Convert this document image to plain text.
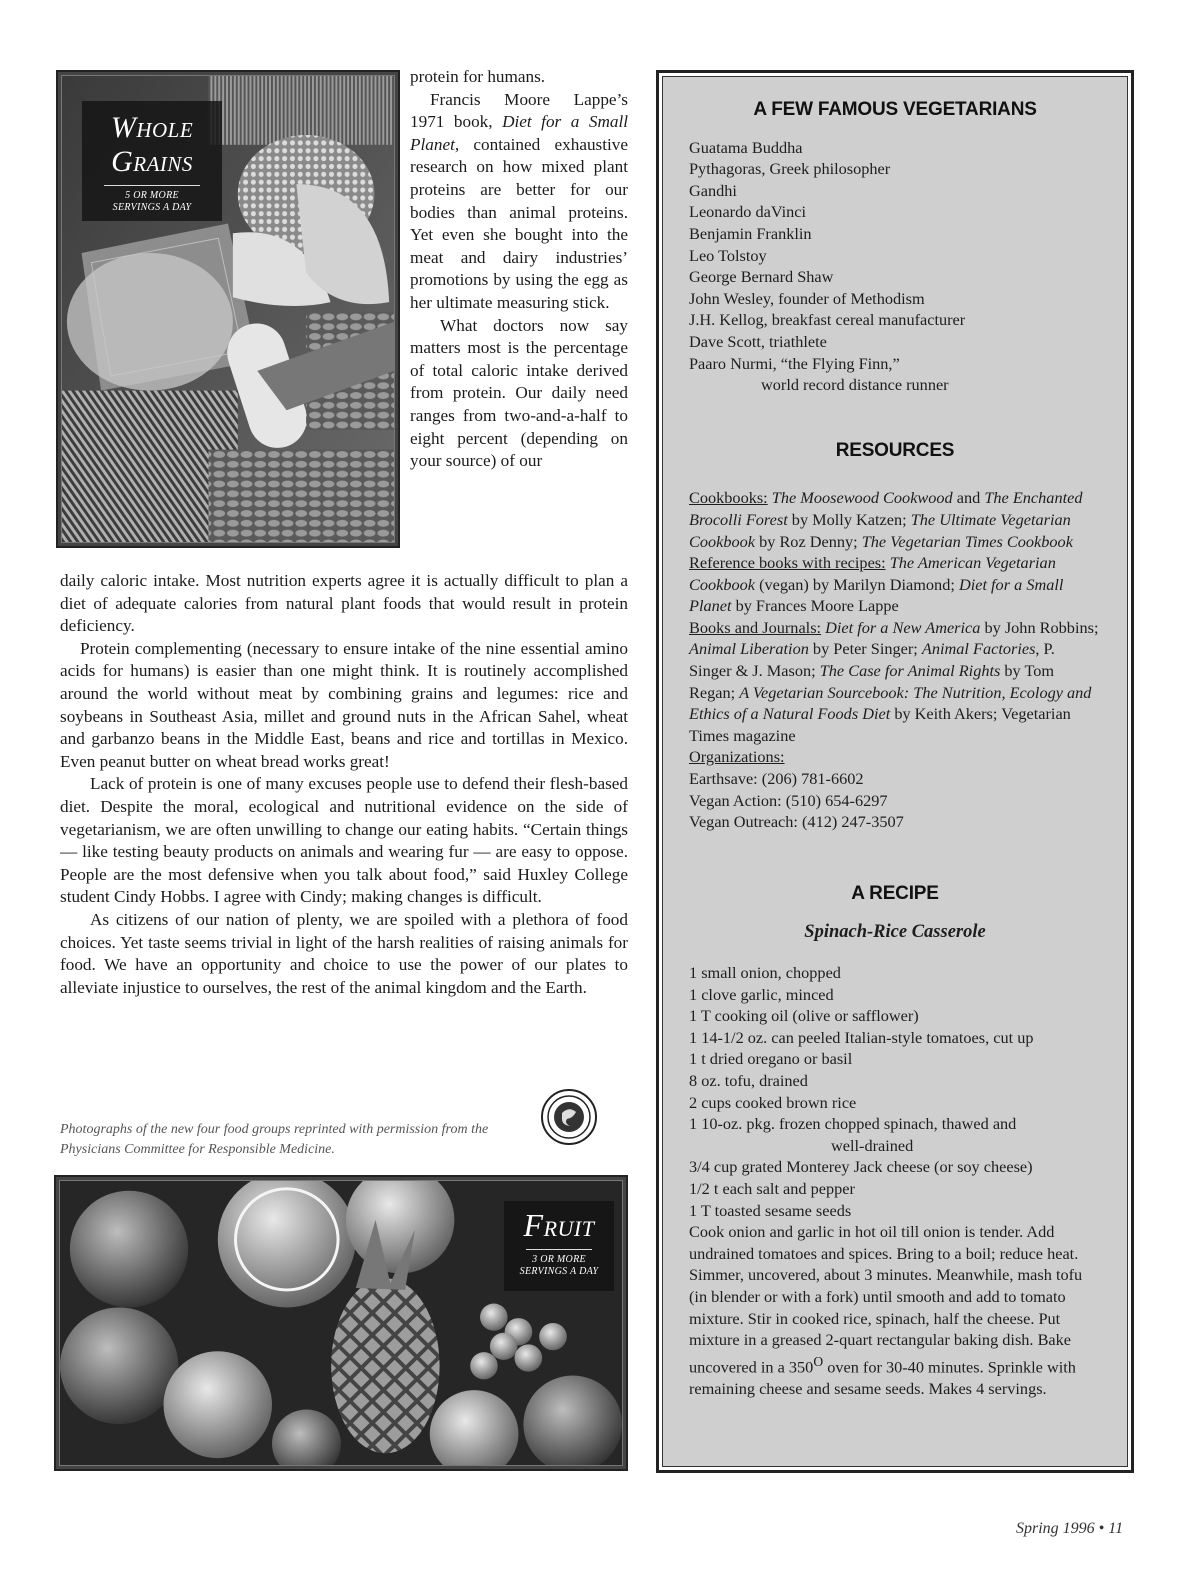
Whole Grains
5 OR MORE SERVINGS A DAY

protein for humans.

Francis Moore Lappe’s 1971 book, Diet for a Small Planet, contained exhaustive research on how mixed plant proteins are better for our bodies than animal proteins. Yet even she bought into the meat and dairy industries’ promotions by using the egg as her ultimate measuring stick.

What doctors now say matters most is the percentage of total caloric intake derived from protein. Our daily need ranges from two-and-a-half to eight percent (depending on your source) of our

daily caloric intake. Most nutrition experts agree it is actually difficult to plan a diet of adequate calories from natural plant foods that would result in protein deficiency.

Protein complementing (necessary to ensure intake of the nine essential amino acids for humans) is easier than one might think. It is routinely accomplished around the world without meat by combining grains and legumes: rice and soybeans in Southeast Asia, millet and ground nuts in the African Sahel, wheat and garbanzo beans in the Middle East, beans and rice and tortillas in Mexico. Even peanut butter on wheat bread works great!

Lack of protein is one of many excuses people use to defend their flesh-based diet. Despite the moral, ecological and nutritional evidence on the side of vegetarianism, we are often unwilling to change our eating habits. “Certain things — like testing beauty products on animals and wearing fur — are easy to oppose. People are the most defensive when you talk about food,” said Huxley College student Cindy Hobbs. I agree with Cindy; making changes is difficult.

As citizens of our nation of plenty, we are spoiled with a plethora of food choices. Yet taste seems trivial in light of the harsh realities of raising animals for food. We have an opportunity and choice to use the power of our plates to alleviate injustice to ourselves, the rest of the animal kingdom and the Earth.

Photographs of the new four food groups reprinted with permission from the Physicians Committee for Responsible Medicine.
Fruit
3 OR MORE SERVINGS A DAY
A FEW FAMOUS VEGETARIANS
Guatama Buddha
Pythagoras, Greek philosopher
Gandhi
Leonardo daVinci
Benjamin Franklin
Leo Tolstoy
George Bernard Shaw
John Wesley, founder of Methodism
J.H. Kellog, breakfast cereal manufacturer
Dave Scott, triathlete
Paaro Nurmi, “the Flying Finn,”
world record distance runner
RESOURCES

Cookbooks: The Moosewood Cookwood and The Enchanted Brocolli Forest by Molly Katzen; The Ultimate Vegetarian Cookbook by Roz Denny; The Vegetarian Times Cookbook

Reference books with recipes: The American Vegetarian Cookbook (vegan) by Marilyn Diamond; Diet for a Small Planet by Frances Moore Lappe

Books and Journals: Diet for a New America by John Robbins; Animal Liberation by Peter Singer; Animal Factories, P. Singer & J. Mason; The Case for Animal Rights by Tom Regan; A Vegetarian Sourcebook: The Nutrition, Ecology and Ethics of a Natural Foods Diet by Keith Akers; Vegetarian Times magazine

Organizations:

Earthsave: (206) 781-6602

Vegan Action: (510) 654-6297

Vegan Outreach: (412) 247-3507

A RECIPE
Spinach-Rice Casserole
1 small onion, chopped
1 clove garlic, minced
1 T cooking oil (olive or safflower)
1 14-1/2 oz. can peeled Italian-style tomatoes, cut up
1 t dried oregano or basil
8 oz. tofu, drained
2 cups cooked brown rice
1 10-oz. pkg. frozen chopped spinach, thawed and
well-drained
3/4 cup grated Monterey Jack cheese (or soy cheese)
1/2 t each salt and pepper
1 T toasted sesame seeds

Cook onion and garlic in hot oil till onion is tender. Add undrained tomatoes and spices. Bring to a boil; reduce heat. Simmer, uncovered, about 3 minutes. Meanwhile, mash tofu (in blender or with a fork) until smooth and add to tomato mixture. Stir in cooked rice, spinach, half the cheese. Put mixture in a greased 2-quart rectangular baking dish. Bake uncovered in a $350^O$ oven for 30-40 minutes. Sprinkle with remaining cheese and sesame seeds. Makes 4 servings.

Spring 1996 • 11
